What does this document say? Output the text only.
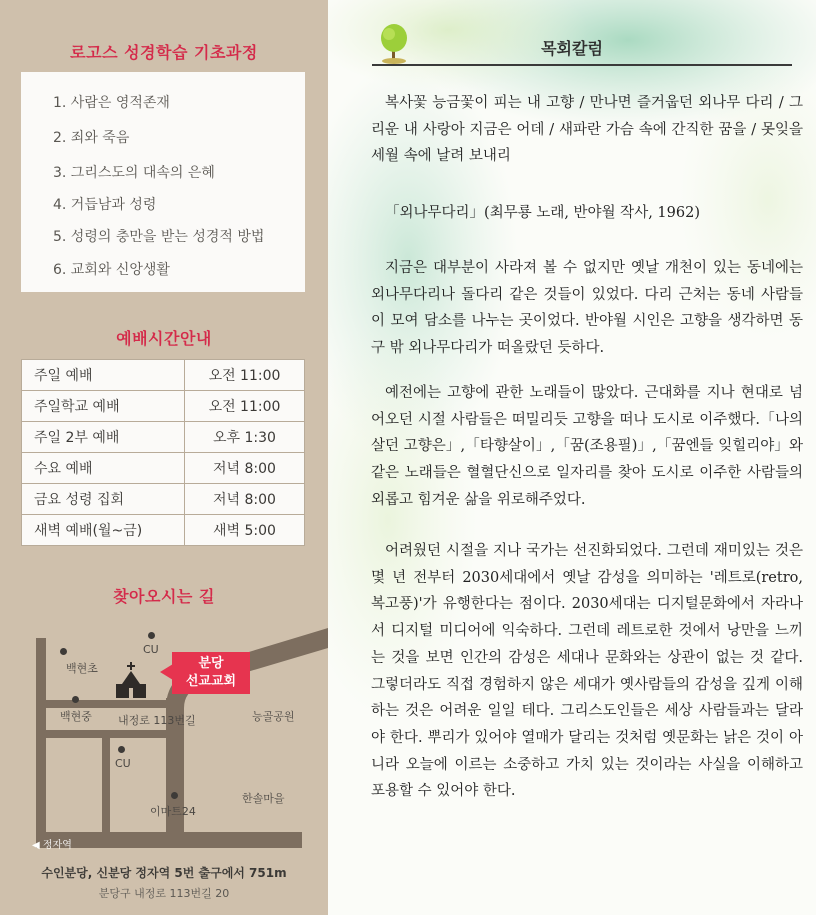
로고스 성경학습 기초과정
1. 사람은 영적존재
2. 죄와 죽음
3. 그리스도의 대속의 은혜
4. 거듭남과 성령
5. 성령의 충만을 받는 성경적 방법
6. 교회와 신앙생활
예배시간안내
주일 예배	오전 11:00
주일학교 예배	오전 11:00
주일 2부 예배	오후 1:30
수요 예배	저녁 8:00
금요 성령 집회	저녁 8:00
새벽 예배(월~금)	새벽 5:00
찾아오시는 길
CU
백현초
백현중 내정로 113번길	능골공원
CU
이마트24
한솔마을
◀ 정자역
분당
선교교회
수인분당, 신분당 정자역 5번 출구에서 751m
분당구 내정로 113번길 20
목회칼럼

복사꽃 능금꽃이 피는 내 고향 / 만나면 즐거웁던 외나무 다리 / 그리운 내 사랑아 지금은 어데 / 새파란 가슴 속에 간직한 꿈을 / 못잊을 세월 속에 날려 보내리

「외나무다리」(최무룡 노래, 반야월 작사, 1962)

지금은 대부분이 사라져 볼 수 없지만 옛날 개천이 있는 동네에는 외나무다리나 돌다리 같은 것들이 있었다. 다리 근처는 동네 사람들이 모여 담소를 나누는 곳이었다. 반야월 시인은 고향을 생각하면 동구 밖 외나무다리가 떠올랐던 듯하다.

예전에는 고향에 관한 노래들이 많았다. 근대화를 지나 현대로 넘어오던 시절 사람들은 떠밀리듯 고향을 떠나 도시로 이주했다.「나의 살던 고향은」,「타향살이」,「꿈(조용필)」,「꿈엔들 잊힐리야」와 같은 노래들은 혈혈단신으로 일자리를 찾아 도시로 이주한 사람들의 외롭고 힘겨운 삶을 위로해주었다.

어려웠던 시절을 지나 국가는 선진화되었다. 그런데 재미있는 것은 몇 년 전부터 2030세대에서 옛날 감성을 의미하는 '레트로(retro, 복고풍)'가 유행한다는 점이다. 2030세대는 디지털문화에서 자라나서 디지털 미디어에 익숙하다. 그런데 레트로한 것에서 낭만을 느끼는 것을 보면 인간의 감성은 세대나 문화와는 상관이 없는 것 같다. 그렇더라도 직접 경험하지 않은 세대가 옛사람들의 감성을 깊게 이해하는 것은 어려운 일일 테다. 그리스도인들은 세상 사람들과는 달라야 한다. 뿌리가 있어야 열매가 달리는 것처럼 옛문화는 낡은 것이 아니라 오늘에 이르는 소중하고 가치 있는 것이라는 사실을 이해하고 포용할 수 있어야 한다.
